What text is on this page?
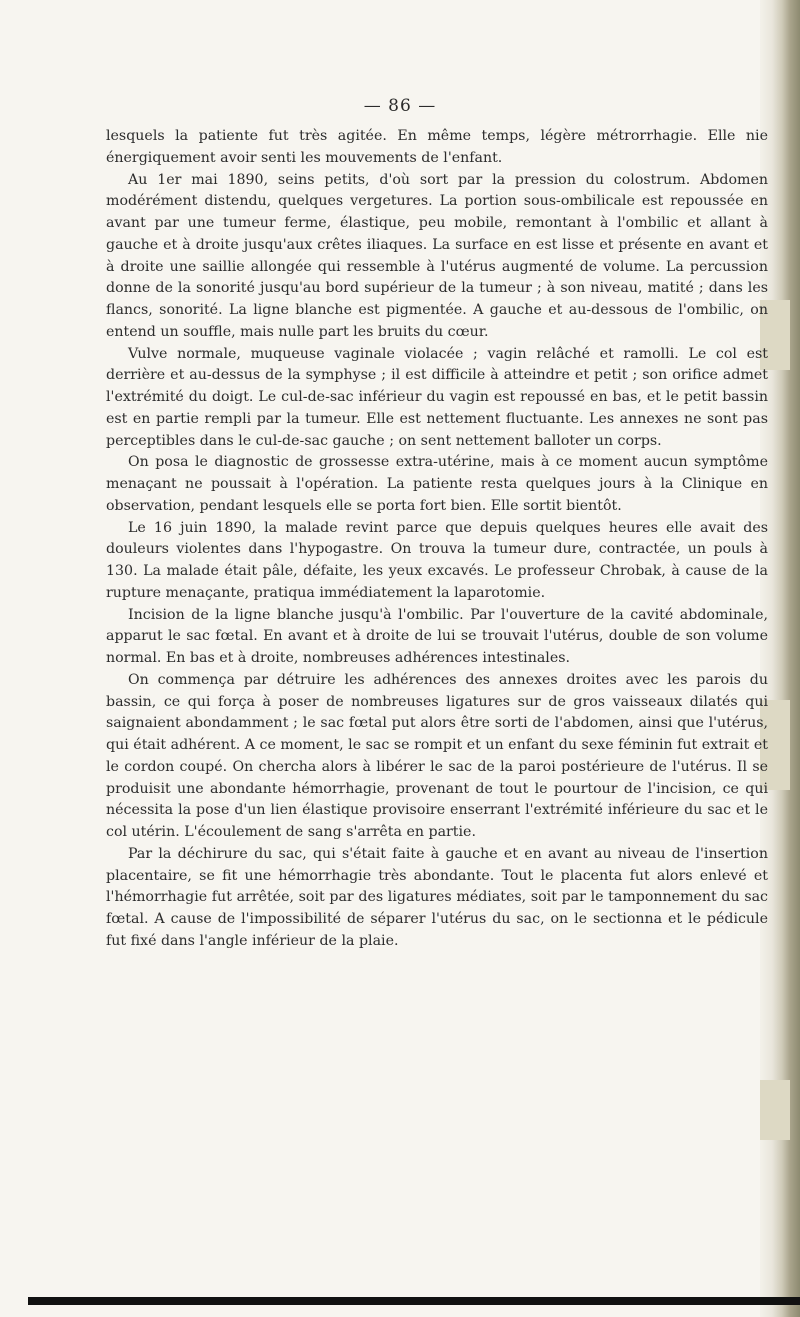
— 86 —

lesquels la patiente fut très agitée. En même temps, légère métrorrhagie. Elle nie énergiquement avoir senti les mouvements de l'enfant.

Au 1er mai 1890, seins petits, d'où sort par la pression du colostrum. Abdomen modérément distendu, quelques vergetures. La portion sous-ombilicale est repoussée en avant par une tumeur ferme, élastique, peu mobile, remontant à l'ombilic et allant à gauche et à droite jusqu'aux crêtes iliaques. La surface en est lisse et présente en avant et à droite une saillie allongée qui ressemble à l'utérus augmenté de volume. La percussion donne de la sonorité jusqu'au bord supérieur de la tumeur ; à son niveau, matité ; dans les flancs, sonorité. La ligne blanche est pigmentée. A gauche et au-dessous de l'ombilic, on entend un souffle, mais nulle part les bruits du cœur.

Vulve normale, muqueuse vaginale violacée ; vagin relâché et ramolli. Le col est derrière et au-dessus de la symphyse ; il est difficile à atteindre et petit ; son orifice admet l'extrémité du doigt. Le cul-de-sac inférieur du vagin est repoussé en bas, et le petit bassin est en partie rempli par la tumeur. Elle est nettement fluctuante. Les annexes ne sont pas perceptibles dans le cul-de-sac gauche ; on sent nettement balloter un corps.

On posa le diagnostic de grossesse extra-utérine, mais à ce moment aucun symptôme menaçant ne poussait à l'opération. La patiente resta quelques jours à la Clinique en observation, pendant lesquels elle se porta fort bien. Elle sortit bientôt.

Le 16 juin 1890, la malade revint parce que depuis quelques heures elle avait des douleurs violentes dans l'hypogastre. On trouva la tumeur dure, contractée, un pouls à 130. La malade était pâle, défaite, les yeux excavés. Le professeur Chrobak, à cause de la rupture menaçante, pratiqua immédiatement la laparotomie.

Incision de la ligne blanche jusqu'à l'ombilic. Par l'ouverture de la cavité abdominale, apparut le sac fœtal. En avant et à droite de lui se trouvait l'utérus, double de son volume normal. En bas et à droite, nombreuses adhérences intestinales.

On commença par détruire les adhérences des annexes droites avec les parois du bassin, ce qui força à poser de nombreuses ligatures sur de gros vaisseaux dilatés qui saignaient abondamment ; le sac fœtal put alors être sorti de l'abdomen, ainsi que l'utérus, qui était adhérent. A ce moment, le sac se rompit et un enfant du sexe féminin fut extrait et le cordon coupé. On chercha alors à libérer le sac de la paroi postérieure de l'utérus. Il se produisit une abondante hémorrhagie, provenant de tout le pourtour de l'incision, ce qui nécessita la pose d'un lien élastique provisoire enserrant l'extrémité inférieure du sac et le col utérin. L'écoulement de sang s'arrêta en partie.

Par la déchirure du sac, qui s'était faite à gauche et en avant au niveau de l'insertion placentaire, se fit une hémorrhagie très abondante. Tout le placenta fut alors enlevé et l'hémorrhagie fut arrêtée, soit par des ligatures médiates, soit par le tamponnement du sac fœtal. A cause de l'impossibilité de séparer l'utérus du sac, on le sectionna et le pédicule fut fixé dans l'angle inférieur de la plaie.
